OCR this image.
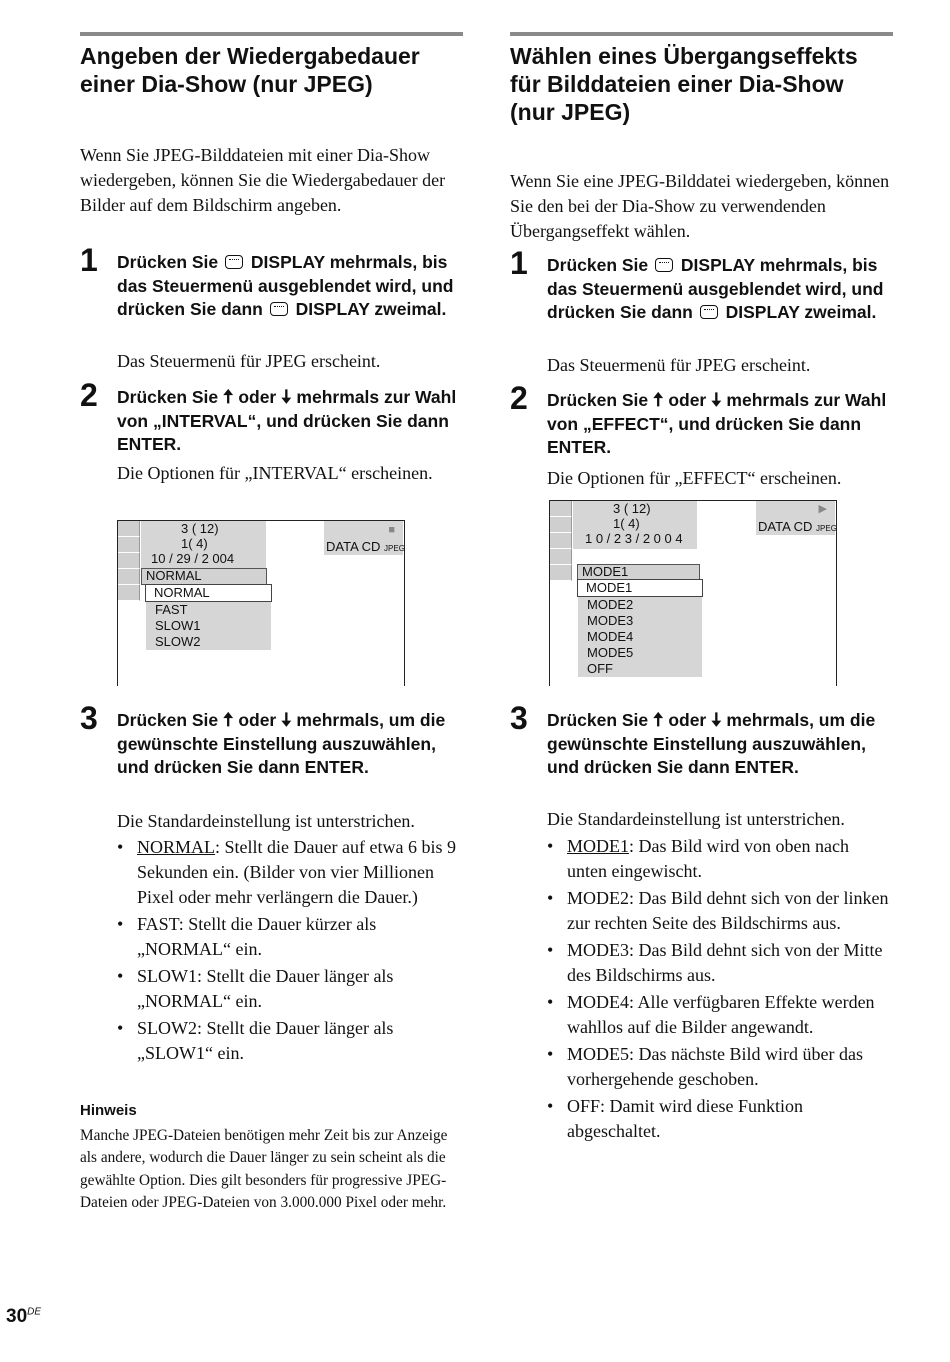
Angeben der Wiedergabedauer einer Dia-Show (nur JPEG)

Wenn Sie JPEG-Bilddateien mit einer Dia-Show wiedergeben, können Sie die Wiedergabedauer der Bilder auf dem Bildschirm angeben.

1 Drücken Sie DISPLAY mehrmals, bis das Steuermenü ausgeblendet wird, und drücken Sie dann DISPLAY zweimal.
Das Steuermenü für JPEG erscheint.
2 Drücken Sie 🠅 oder 🠇 mehrmals zur Wahl von „INTERVAL“, und drücken Sie dann ENTER.
Die Optionen für „INTERVAL“ erscheinen.
3 ( 12)
1( 4)
10 / 29 / 2 004
■
DATA CD JPEG
NORMAL
NORMAL
FAST
SLOW1
SLOW2
3 Drücken Sie 🠅 oder 🠇 mehrmals, um die gewünschte Einstellung auszuwählen, und drücken Sie dann ENTER.
Die Standardeinstellung ist unterstrichen.
• NORMAL: Stellt die Dauer auf etwa 6 bis 9 Sekunden ein. (Bilder von vier Millionen Pixel oder mehr verlängern die Dauer.)
• FAST: Stellt die Dauer kürzer als „NORMAL“ ein.
• SLOW1: Stellt die Dauer länger als „NORMAL“ ein.
• SLOW2: Stellt die Dauer länger als „SLOW1“ ein.
Hinweis
Manche JPEG-Dateien benötigen mehr Zeit bis zur Anzeige als andere, wodurch die Dauer länger zu sein scheint als die gewählte Option. Dies gilt besonders für progressive JPEG-Dateien oder JPEG-Dateien von 3.000.000 Pixel oder mehr.
Wählen eines Übergangseffekts für Bilddateien einer Dia-Show (nur JPEG)

Wenn Sie eine JPEG-Bilddatei wiedergeben, können Sie den bei der Dia-Show zu verwendenden Übergangseffekt wählen.

1 Drücken Sie DISPLAY mehrmals, bis das Steuermenü ausgeblendet wird, und drücken Sie dann DISPLAY zweimal.
Das Steuermenü für JPEG erscheint.
2 Drücken Sie 🠅 oder 🠇 mehrmals zur Wahl von „EFFECT“, und drücken Sie dann ENTER.
Die Optionen für „EFFECT“ erscheinen.
3 ( 12)
1( 4)
1 0 / 2 3 / 2 0 0 4
▶
DATA CD JPEG
MODE1
MODE1
MODE2
MODE3
MODE4
MODE5
OFF
3 Drücken Sie 🠅 oder 🠇 mehrmals, um die gewünschte Einstellung auszuwählen, und drücken Sie dann ENTER.
Die Standardeinstellung ist unterstrichen.
• MODE1: Das Bild wird von oben nach unten eingewischt.
• MODE2: Das Bild dehnt sich von der linken zur rechten Seite des Bildschirms aus.
• MODE3: Das Bild dehnt sich von der Mitte des Bildschirms aus.
• MODE4: Alle verfügbaren Effekte werden wahllos auf die Bilder angewandt.
• MODE5: Das nächste Bild wird über das vorhergehende geschoben.
• OFF: Damit wird diese Funktion abgeschaltet.
30DE
